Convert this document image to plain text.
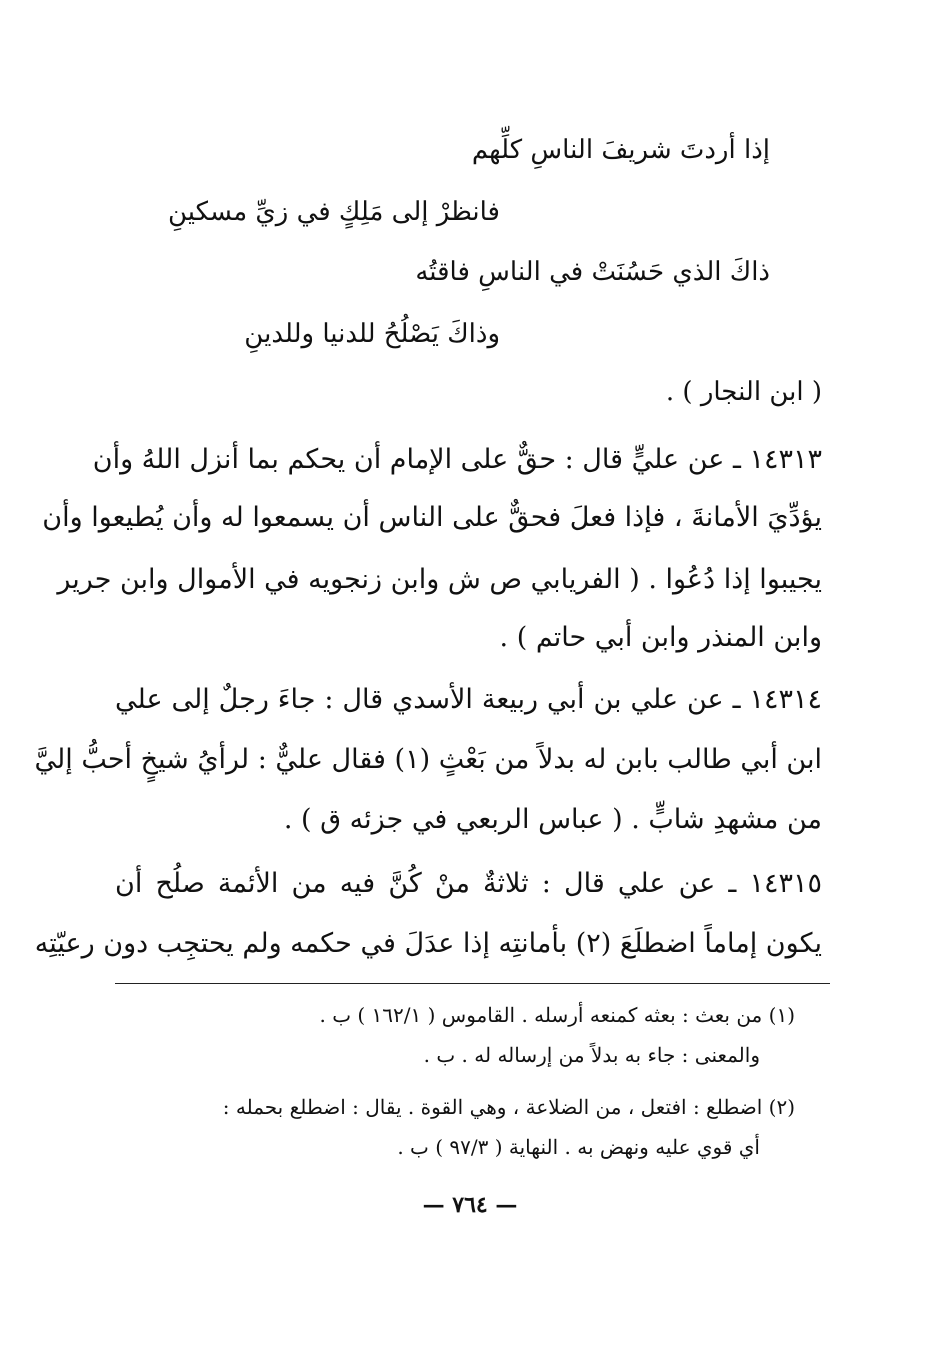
إذا أردتَ شريفَ الناسِ كلِّهم
فانظرْ إلى مَلِكٍ في زيِّ مسكينِ
ذاكَ الذي حَسُنَتْ في الناسِ فاقتُه
وذاكَ يَصْلُحُ للدنيا وللدينِ
( ابن النجار ) .
١٤٣١٣ ـ عن عليٍّ قال : حقٌّ على الإمام أن يحكم بما أنزل اللهُ وأن
يؤدِّيَ الأمانةَ ، فإذا فعلَ فحقٌّ على الناس أن يسمعوا له وأن يُطيعوا وأن
يجيبوا إذا دُعُوا . ( الفريابي ص ش وابن زنجويه في الأموال وابن جرير
وابن المنذر وابن أبي حاتم ) .
١٤٣١٤ ـ عن علي بن أبي ربيعة الأسدي قال : جاءَ رجلٌ إلى علي
ابن أبي طالب بابن له بدلاً من بَعْثٍ (١) فقال عليٌّ : لرأيُ شيخٍ أحبُّ إليَّ
من مشهدِ شابٍّ . ( عباس الربعي في جزئه ق ) .
١٤٣١٥ ـ عن علي قال : ثلاثةٌ منْ كُنَّ فيه من الأئمة صلُح أن
يكون إماماً اضطلَعَ (٢) بأمانتِه إذا عدَلَ في حكمه ولم يحتجِب دون رعيّتِه
(١) من بعث : بعثه كمنعه أرسله . القاموس ( ١٦٢/١ ) ب .
والمعنى : جاء به بدلاً من إرساله له . ب .
(٢) اضطلع : افتعل ، من الضلاعة ، وهي القوة . يقال : اضطلع بحمله :
أي قوي عليه ونهض به . النهاية ( ٩٧/٣ ) ب .
— ٧٦٤ —
